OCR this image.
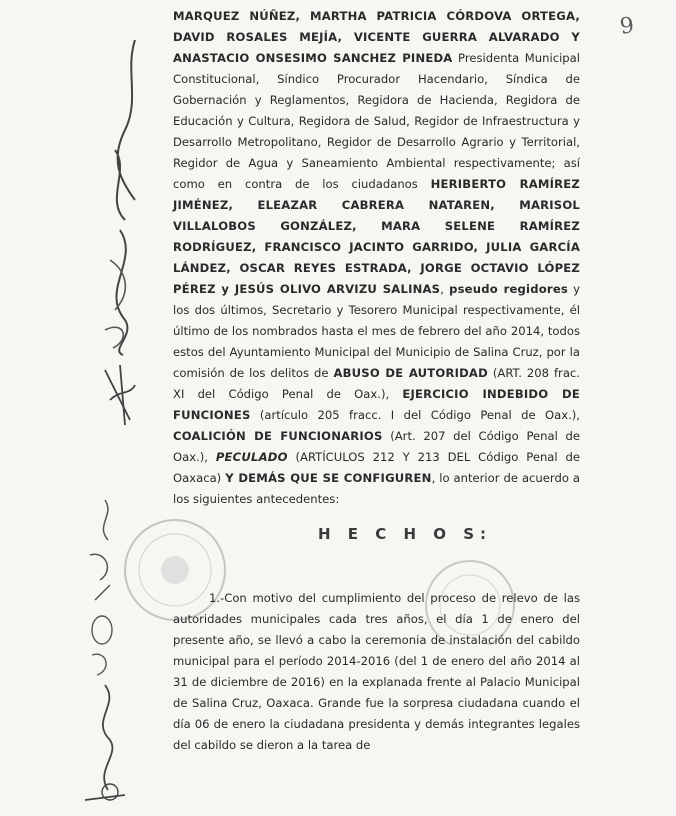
9
MARQUEZ NÚÑEZ, MARTHA PATRICIA CÓRDOVA ORTEGA, DAVID ROSALES MEJÍA, VICENTE GUERRA ALVARADO Y ANASTACIO ONSESIMO SANCHEZ PINEDA Presidenta Municipal Constitucional, Síndico Procurador Hacendario, Síndica de Gobernación y Reglamentos, Regidora de Hacienda, Regidora de Educación y Cultura, Regidora de Salud, Regidor de Infraestructura y Desarrollo Metropolitano, Regidor de Desarrollo Agrario y Territorial, Regidor de Agua y Saneamiento Ambiental respectivamente; así como en contra de los ciudadanos HERIBERTO RAMÍREZ JIMÉNEZ, ELEAZAR CABRERA NATAREN, MARISOL VILLALOBOS GONZÁLEZ, MARA SELENE RAMÍREZ RODRÍGUEZ, FRANCISCO JACINTO GARRIDO, JULIA GARCÍA LÁNDEZ, OSCAR REYES ESTRADA, JORGE OCTAVIO LÓPEZ PÉREZ y JESÚS OLIVO ARVIZU SALINAS, pseudo regidores y los dos últimos, Secretario y Tesorero Municipal respectivamente, él último de los nombrados hasta el mes de febrero del año 2014, todos estos del Ayuntamiento Municipal del Municipio de Salina Cruz, por la comisión de los delitos de ABUSO DE AUTORIDAD (ART. 208 frac. XI del Código Penal de Oax.), EJERCICIO INDEBIDO DE FUNCIONES (artículo 205 fracc. I del Código Penal de Oax.), COALICIÓN DE FUNCIONARIOS (Art. 207 del Código Penal de Oax.), PECULADO (ARTÍCULOS 212 Y 213 DEL Código Penal de Oaxaca) Y DEMÁS QUE SE CONFIGUREN, lo anterior de acuerdo a los siguientes antecedentes:
H E C H O S:
1.-Con motivo del cumplimiento del proceso de relevo de las autoridades municipales cada tres años, el día 1 de enero del presente año, se llevó a cabo la ceremonia de instalación del cabildo municipal para el período 2014-2016 (del 1 de enero del año 2014 al 31 de diciembre de 2016) en la explanada frente al Palacio Municipal de Salina Cruz, Oaxaca. Grande fue la sorpresa ciudadana cuando el día 06 de enero la ciudadana presidenta y demás integrantes legales del cabildo se dieron a la tarea de
